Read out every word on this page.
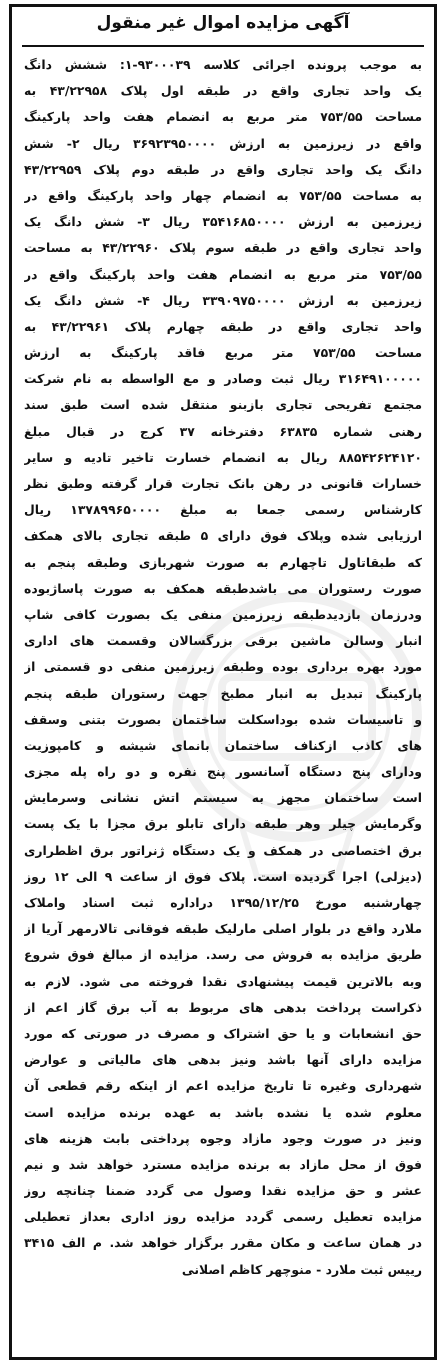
آگهی مزایده اموال غیر منقول
به موجب پرونده اجرائی کلاسه ۹۳۰۰۰۳۹-۱: ششش دانگ
یک واحد تجاری واقع در طبقه اول پلاک ۴۳/۲۲۹۵۸ به
مساحت ۷۵۳/۵۵ متر مربع به انضمام هفت واحد پارکینگ
واقع در زیرزمین به ارزش ۳۶۹۲۳۹۵۰۰۰۰ ریال ۲- شش
دانگ یک واحد تجاری واقع در طبقه دوم پلاک ۴۳/۲۲۹۵۹
به مساحت ۷۵۳/۵۵ به انضمام چهار واحد پارکینگ واقع در
زیرزمین به ارزش ۳۵۴۱۶۸۵۰۰۰۰ ریال ۳- شش دانگ یک
واحد تجاری واقع در طبقه سوم پلاک ۴۳/۲۲۹۶۰ به مساحت
۷۵۳/۵۵ متر مربع به انضمام هفت واحد پارکینگ واقع در
زیرزمین به ارزش ۳۳۹۰۹۷۵۰۰۰۰ ریال ۴- شش دانگ یک
واحد تجاری واقع در طبقه چهارم پلاک ۴۳/۲۲۹۶۱ به
مساحت ۷۵۳/۵۵ متر مربع فاقد پارکینگ به ارزش
۳۱۶۴۹۱۰۰۰۰۰ ریال ثبت وصادر و مع الواسطه به نام شرکت
مجتمع تفریحی تجاری بازبنو منتقل شده است طبق سند
رهنی شماره ۶۳۸۳۵ دفترخانه ۳۷ کرج در قبال مبلغ
۸۸۵۴۲۶۲۴۱۲۰ ریال به انضمام خسارت تاخیر تادیه و سایر
خسارات قانونی در رهن بانک تجارت قرار گرفته وطبق نظر
کارشناس رسمی جمعا به مبلغ ۱۳۷۸۹۹۶۵۰۰۰۰ ریال
ارزیابی شده وپلاک فوق دارای ۵ طبقه تجاری بالای همکف
که طبقاتاول تاچهارم به صورت شهربازی وطبقه پنجم به
صورت رستوران می باشدطبقه همکف به صورت پاساژبوده
ودرزمان بازدیدطبقه زیرزمین منفی یک بصورت کافی شاپ
انبار وسالن ماشین برقی بزرگسالان وقسمت های اداری
مورد بهره برداری بوده وطبقه زیرزمین منفی دو قسمتی از
پارکینگ تبدیل به انبار مطبخ جهت رستوران طبقه پنجم
و تاسیسات شده بوداسکلت ساختمان بصورت بتنی وسقف
های کاذب ازکناف ساختمان بانمای شیشه و کامپوزیت
ودارای پنج دستگاه آسانسور پنج نفره و دو راه پله مجزی
است ساختمان مجهز به سیستم اتش نشانی وسرمایش
وگرمایش چیلر وهر طبقه دارای تابلو برق مجزا با یک پست
برق اختصاصی در همکف و یک دستگاه ژنراتور برق اظطراری
(دیزلی) اجرا گردیده است. پلاک فوق از ساعت ۹ الی ۱۲ روز
چهارشنبه مورخ ۱۳۹۵/۱۲/۲۵ دراداره ثبت اسناد واملاک
ملارد واقع در بلوار اصلی مارلیک طبقه فوقانی تالارمهر آریا از
طریق مزایده به فروش می رسد. مزایده از مبالغ فوق شروع
وبه بالاترین قیمت پیشنهادی نقدا فروخته می شود. لازم به
ذکراست پرداخت بدهی های مربوط به آب برق گاز اعم از
حق انشعابات و یا حق اشتراک و مصرف در صورتی که مورد
مزایده دارای آنها باشد ونیز بدهی های مالیاتی و عوارض
شهرداری وغیره تا تاریخ مزایده اعم از اینکه رقم قطعی آن
معلوم شده یا نشده باشد به عهده برنده مزایده است
ونیز در صورت وجود مازاد وجوه پرداختی بابت هزینه های
فوق از محل مازاد به برنده مزایده مسترد خواهد شد و نیم
عشر و حق مزایده نقدا وصول می گردد ضمنا چنانچه روز
مزایده تعطیل رسمی گردد مزایده روز اداری بعداز تعطیلی
در همان ساعت و مکان مقرر برگزار خواهد شد. م الف ۳۴۱۵
رییس ثبت ملارد - منوچهر کاظم اصلانی
